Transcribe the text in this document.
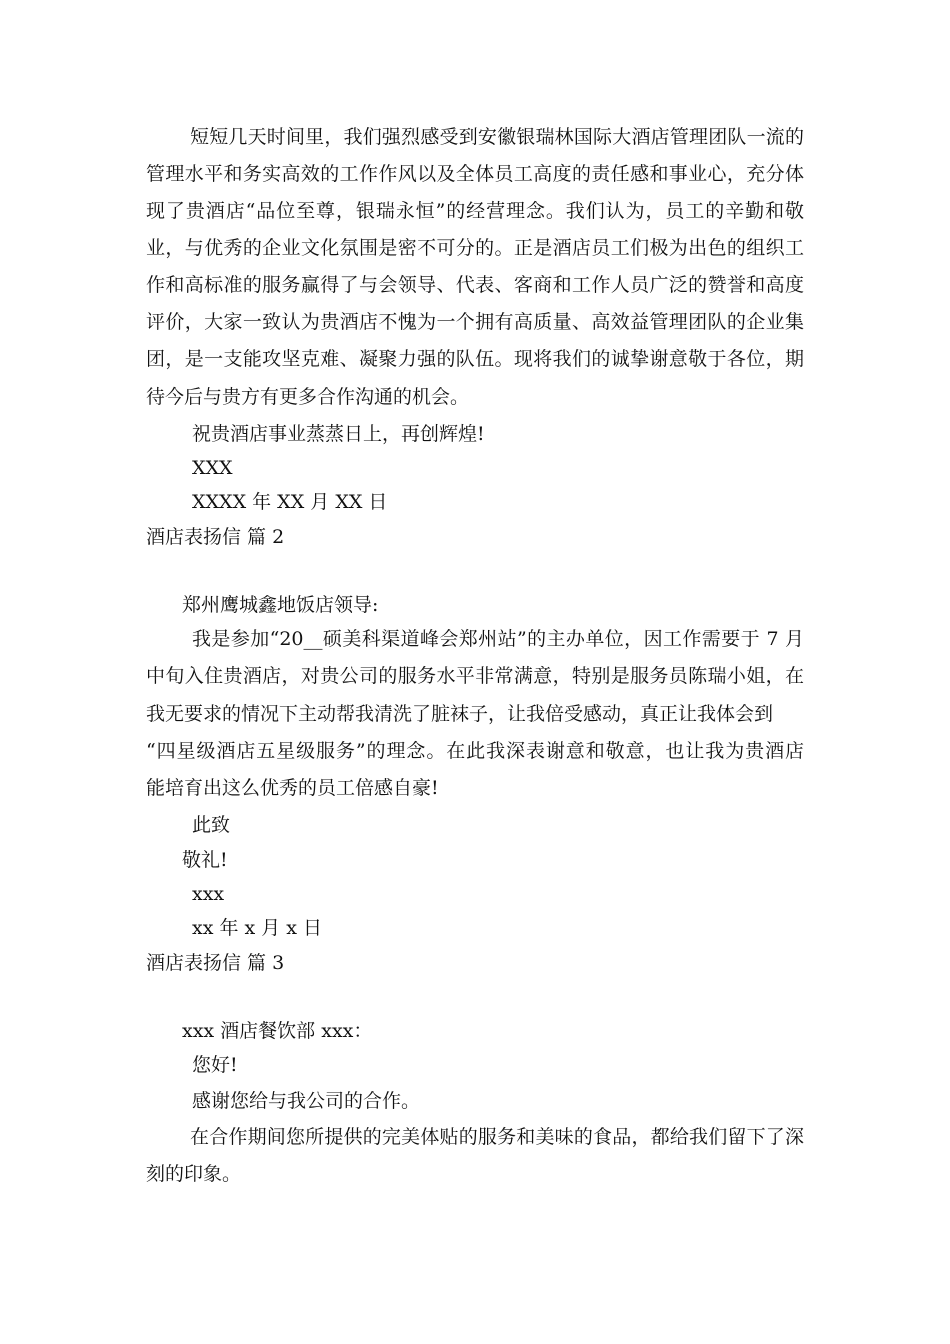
短短几天时间里，我们强烈感受到安徽银瑞林国际大酒店管理团队一流的
管理水平和务实高效的工作作风以及全体员工高度的责任感和事业心，充分体
现了贵酒店“品位至尊，银瑞永恒”的经营理念。我们认为，员工的辛勤和敬
业，与优秀的企业文化氛围是密不可分的。正是酒店员工们极为出色的组织工
作和高标准的服务赢得了与会领导、代表、客商和工作人员广泛的赞誉和高度
评价，大家一致认为贵酒店不愧为一个拥有高质量、高效益管理团队的企业集
团，是一支能攻坚克难、凝聚力强的队伍。现将我们的诚挚谢意敬于各位，期
待今后与贵方有更多合作沟通的机会。
祝贵酒店事业蒸蒸日上，再创辉煌!
XXX
XXXX 年 XX 月 XX 日
酒店表扬信 篇 2
郑州鹰城鑫地饭店领导:
我是参加“20__硕美科渠道峰会郑州站”的主办单位，因工作需要于 7 月
中旬入住贵酒店，对贵公司的服务水平非常满意，特别是服务员陈瑞小姐，在
我无要求的情况下主动帮我清洗了脏袜子，让我倍受感动，真正让我体会到
“四星级酒店五星级服务”的理念。在此我深表谢意和敬意，也让我为贵酒店
能培育出这么优秀的员工倍感自豪!
此致
敬礼!
xxx
xx 年 x 月 x 日
酒店表扬信 篇 3
xxx 酒店餐饮部 xxx：
您好!
感谢您给与我公司的合作。
在合作期间您所提供的完美体贴的服务和美味的食品，都给我们留下了深
刻的印象。
